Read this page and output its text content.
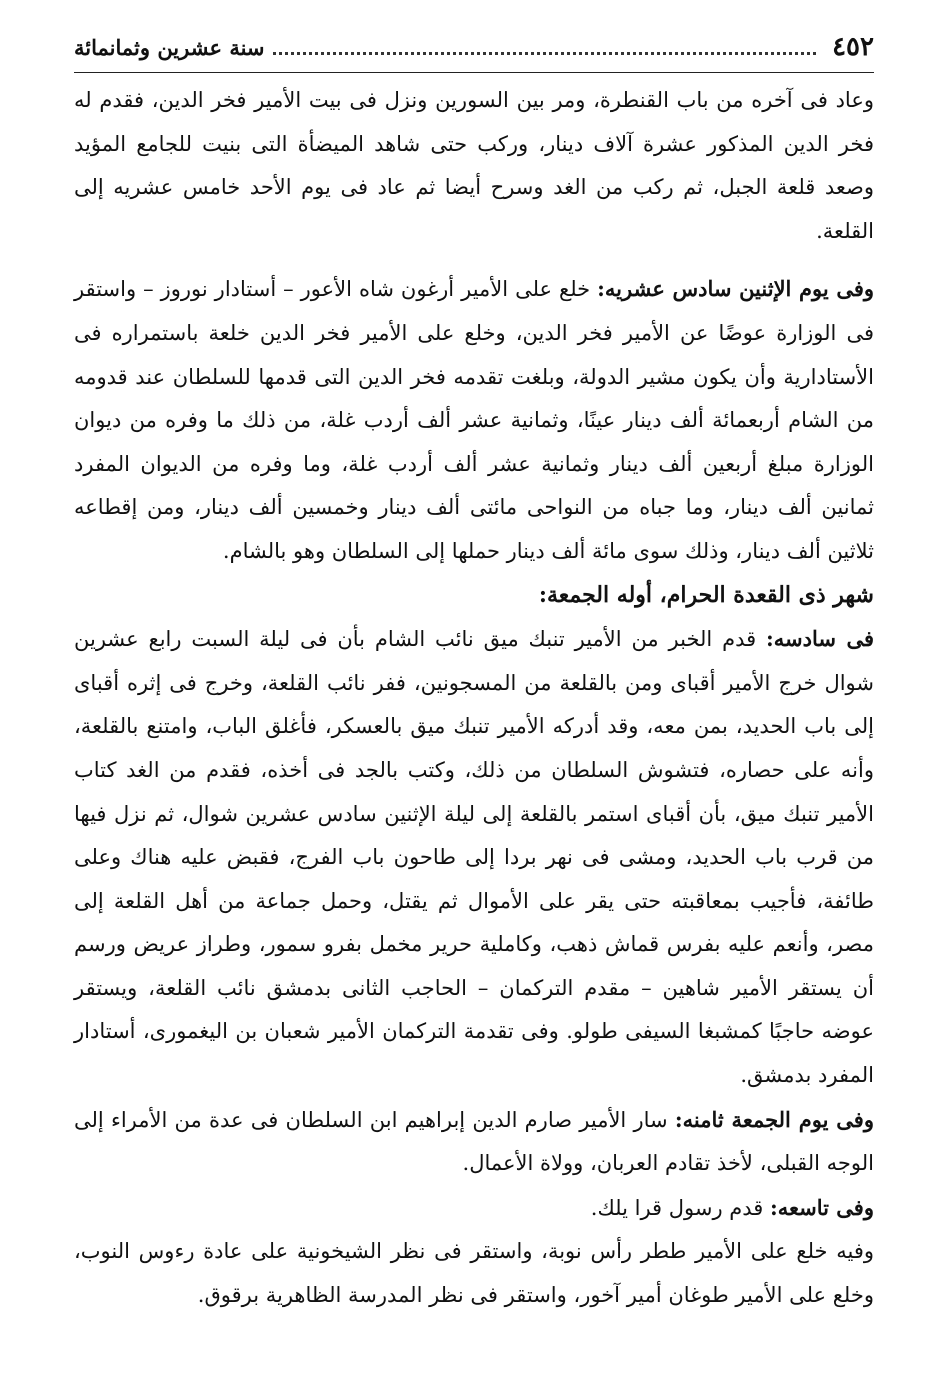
٤٥٢
سنة عشرين وثمانمائة

وعاد فى آخره من باب القنطرة، ومر بين السورين ونزل فى بيت الأمير فخر الدين، فقدم له فخر الدين المذكور عشرة آلاف دينار، وركب حتى شاهد الميضأة التى بنيت للجامع المؤيد وصعد قلعة الجبل، ثم ركب من الغد وسرح أيضا ثم عاد فى يوم الأحد خامس عشريه إلى القلعة.

وفى يوم الإثنين سادس عشريه: خلع على الأمير أرغون شاه الأعور – أستادار نوروز – واستقر فى الوزارة عوضًا عن الأمير فخر الدين، وخلع على الأمير فخر الدين خلعة باستمراره فى الأستادارية وأن يكون مشير الدولة، وبلغت تقدمه فخر الدين التى قدمها للسلطان عند قدومه من الشام أربعمائة ألف دينار عينًا، وثمانية عشر ألف أردب غلة، من ذلك ما وفره من ديوان الوزارة مبلغ أربعين ألف دينار وثمانية عشر ألف أردب غلة، وما وفره من الديوان المفرد ثمانين ألف دينار، وما جباه من النواحى مائتى ألف دينار وخمسين ألف دينار، ومن إقطاعه ثلاثين ألف دينار، وذلك سوى مائة ألف دينار حملها إلى السلطان وهو بالشام.

شهر ذى القعدة الحرام، أوله الجمعة:

فى سادسه: قدم الخبر من الأمير تنبك ميق نائب الشام بأن فى ليلة السبت رابع عشرين شوال خرج الأمير أقباى ومن بالقلعة من المسجونين، ففر نائب القلعة، وخرج فى إثره أقباى إلى باب الحديد، بمن معه، وقد أدركه الأمير تنبك ميق بالعسكر، فأغلق الباب، وامتنع بالقلعة، وأنه على حصاره، فتشوش السلطان من ذلك، وكتب بالجد فى أخذه، فقدم من الغد كتاب الأمير تنبك ميق، بأن أقباى استمر بالقلعة إلى ليلة الإثنين سادس عشرين شوال، ثم نزل فيها من قرب باب الحديد، ومشى فى نهر بردا إلى طاحون باب الفرج، فقبض عليه هناك وعلى طائفة، فأجيب بمعاقبته حتى يقر على الأموال ثم يقتل، وحمل جماعة من أهل القلعة إلى مصر، وأنعم عليه بفرس قماش ذهب، وكاملية حرير مخمل بفرو سمور، وطراز عريض ورسم أن يستقر الأمير شاهين – مقدم التركمان – الحاجب الثانى بدمشق نائب القلعة، ويستقر عوضه حاجبًا كمشبغا السيفى طولو. وفى تقدمة التركمان الأمير شعبان بن اليغمورى، أستادار المفرد بدمشق.

وفى يوم الجمعة ثامنه: سار الأمير صارم الدين إبراهيم ابن السلطان فى عدة من الأمراء إلى الوجه القبلى، لأخذ تقادم العربان، وولاة الأعمال.

وفى تاسعه: قدم رسول قرا يلك.

وفيه خلع على الأمير ططر رأس نوبة، واستقر فى نظر الشيخونية على عادة رءوس النوب، وخلع على الأمير طوغان أمير آخور، واستقر فى نظر المدرسة الظاهرية برقوق.
